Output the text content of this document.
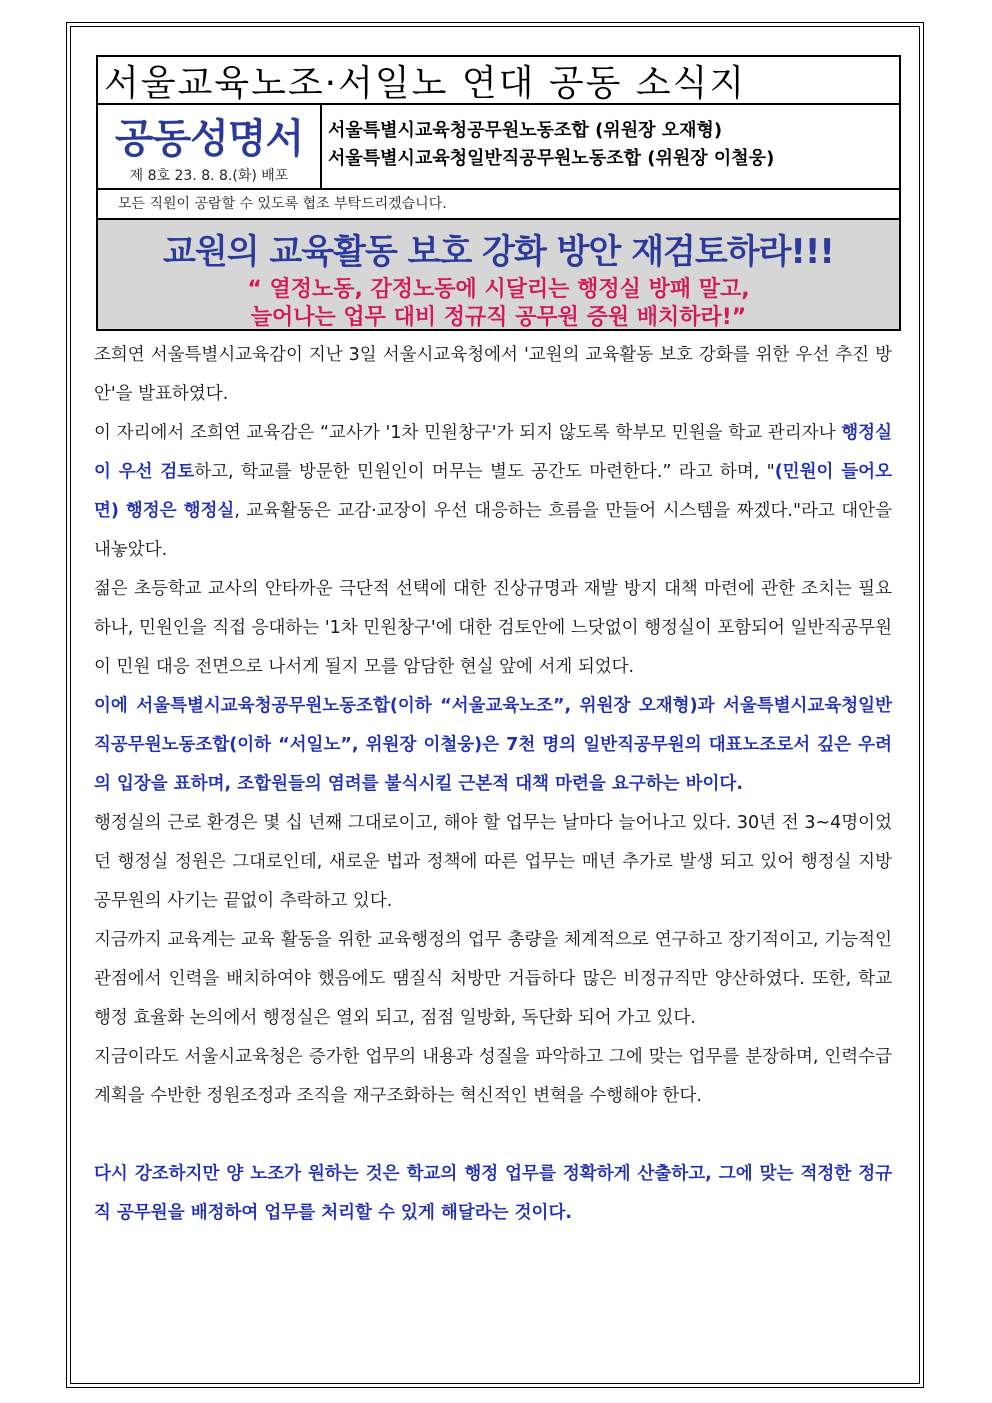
서울교육노조·서일노 연대 공동 소식지
공동성명서
제 8호 23. 8. 8.(화) 배포
서울특별시교육청공무원노동조합 (위원장 오재형)
서울특별시교육청일반직공무원노동조합 (위원장 이철웅)
모든 직원이 공람할 수 있도록 협조 부탁드리겠습니다.
교원의 교육활동 보호 강화 방안 재검토하라!!!
“ 열정노동, 감정노동에 시달리는 행정실 방패 말고,
늘어나는 업무 대비 정규직 공무원 증원 배치하라!”

조희연 서울특별시교육감이 지난 3일 서울시교육청에서 '교원의 교육활동 보호 강화를 위한 우선 추진 방안'을 발표하였다.

이 자리에서 조희연 교육감은 “교사가 '1차 민원창구'가 되지 않도록 학부모 민원을 학교 관리자나 행정실이 우선 검토하고, 학교를 방문한 민원인이 머무는 별도 공간도 마련한다.” 라고 하며, "(민원이 들어오면) 행정은 행정실, 교육활동은 교감·교장이 우선 대응하는 흐름을 만들어 시스템을 짜겠다."라고 대안을 내놓았다.

젊은 초등학교 교사의 안타까운 극단적 선택에 대한 진상규명과 재발 방지 대책 마련에 관한 조치는 필요하나, 민원인을 직접 응대하는 '1차 민원창구'에 대한 검토안에 느닷없이 행정실이 포함되어 일반직공무원이 민원 대응 전면으로 나서게 될지 모를 암담한 현실 앞에 서게 되었다.

이에 서울특별시교육청공무원노동조합(이하 “서울교육노조”, 위원장 오재형)과 서울특별시교육청일반직공무원노동조합(이하 “서일노”, 위원장 이철웅)은 7천 명의 일반직공무원의 대표노조로서 깊은 우려의 입장을 표하며, 조합원들의 염려를 불식시킬 근본적 대책 마련을 요구하는 바이다.

행정실의 근로 환경은 몇 십 년째 그대로이고, 해야 할 업무는 날마다 늘어나고 있다. 30년 전 3~4명이었던 행정실 정원은 그대로인데, 새로운 법과 정책에 따른 업무는 매년 추가로 발생 되고 있어 행정실 지방공무원의 사기는 끝없이 추락하고 있다.

지금까지 교육계는 교육 활동을 위한 교육행정의 업무 총량을 체계적으로 연구하고 장기적이고, 기능적인 관점에서 인력을 배치하여야 했음에도 땜질식 처방만 거듭하다 많은 비정규직만 양산하였다. 또한, 학교 행정 효율화 논의에서 행정실은 열외 되고, 점점 일방화, 독단화 되어 가고 있다.

지금이라도 서울시교육청은 증가한 업무의 내용과 성질을 파악하고 그에 맞는 업무를 분장하며, 인력수급계획을 수반한 정원조정과 조직을 재구조화하는 혁신적인 변혁을 수행해야 한다.

다시 강조하지만 양 노조가 원하는 것은 학교의 행정 업무를 정확하게 산출하고, 그에 맞는 적정한 정규직 공무원을 배정하여 업무를 처리할 수 있게 해달라는 것이다.
